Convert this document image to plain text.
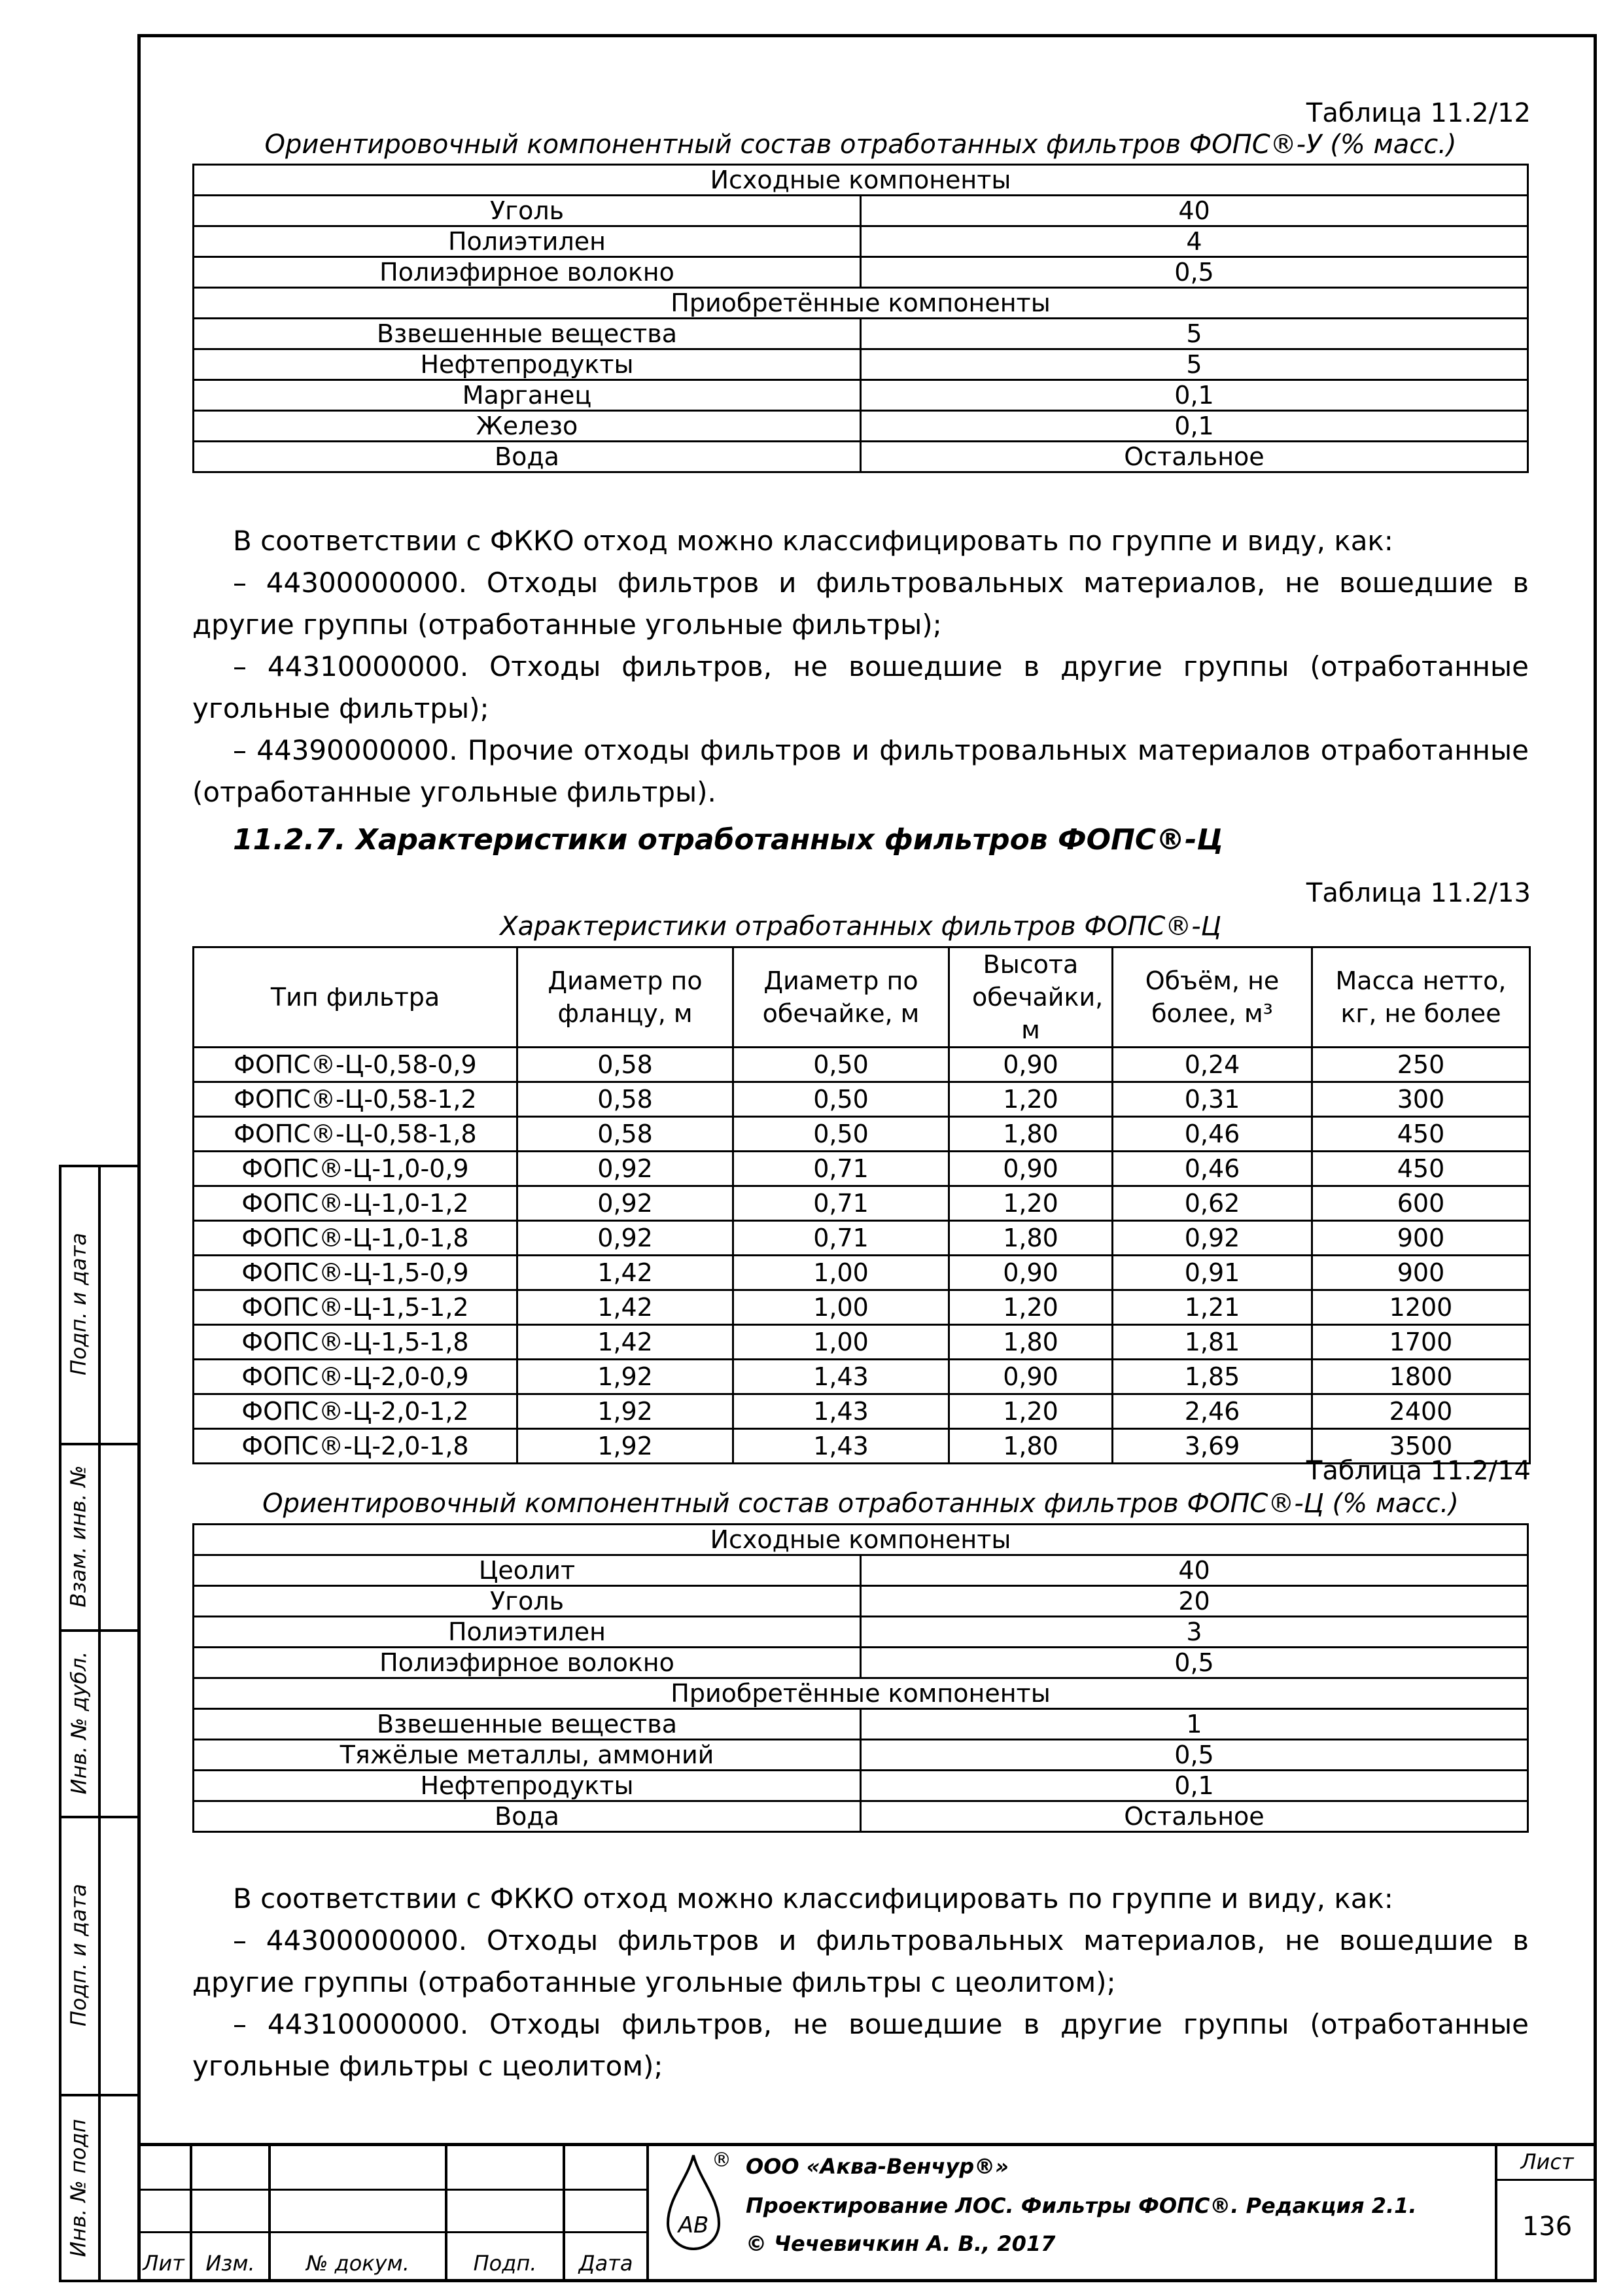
Таблица 11.2/12
Ориентировочный компонентный состав отработанных фильтров ФОПС®-У (% масс.)
Исходные компоненты	
Уголь	40
Полиэтилен	4
Полиэфирное волокно	0,5
Приобретённые компоненты	
Взвешенные вещества	5
Нефтепродукты	5
Марганец	0,1
Железо	0,1
Вода	Остальное

В соответствии с ФККО отход можно классифицировать по группе и виду, как:

– 44300000000. Отходы фильтров и фильтровальных материалов, не вошедшие в другие группы (отработанные угольные фильтры);

– 44310000000. Отходы фильтров, не вошедшие в другие группы (отработанные угольные фильтры);

– 44390000000. Прочие отходы фильтров и фильтровальных материалов отработанные (отработанные угольные фильтры).

11.2.7. Характеристики отработанных фильтров ФОПС®-Ц
Таблица 11.2/13
Характеристики отработанных фильтров ФОПС®-Ц
Тип фильтра	Диаметр по фланцу, м	Диаметр по обечайке, м	Высота обечайки, м	Объём, не более, м³	Масса нетто, кг, не более
ФОПС®-Ц-0,58-0,9	0,58	0,50	0,90	0,24	250
ФОПС®-Ц-0,58-1,2	0,58	0,50	1,20	0,31	300
ФОПС®-Ц-0,58-1,8	0,58	0,50	1,80	0,46	450
ФОПС®-Ц-1,0-0,9	0,92	0,71	0,90	0,46	450
ФОПС®-Ц-1,0-1,2	0,92	0,71	1,20	0,62	600
ФОПС®-Ц-1,0-1,8	0,92	0,71	1,80	0,92	900
ФОПС®-Ц-1,5-0,9	1,42	1,00	0,90	0,91	900
ФОПС®-Ц-1,5-1,2	1,42	1,00	1,20	1,21	1200
ФОПС®-Ц-1,5-1,8	1,42	1,00	1,80	1,81	1700
ФОПС®-Ц-2,0-0,9	1,92	1,43	0,90	1,85	1800
ФОПС®-Ц-2,0-1,2	1,92	1,43	1,20	2,46	2400
ФОПС®-Ц-2,0-1,8	1,92	1,43	1,80	3,69	3500
Таблица 11.2/14
Ориентировочный компонентный состав отработанных фильтров ФОПС®-Ц (% масс.)
Исходные компоненты	
Цеолит	40
Уголь	20
Полиэтилен	3
Полиэфирное волокно	0,5
Приобретённые компоненты	
Взвешенные вещества	1
Тяжёлые металлы, аммоний	0,5
Нефтепродукты	0,1
Вода	Остальное

В соответствии с ФККО отход можно классифицировать по группе и виду, как:

– 44300000000. Отходы фильтров и фильтровальных материалов, не вошедшие в другие группы (отработанные угольные фильтры с цеолитом);

– 44310000000. Отходы фильтров, не вошедшие в другие группы (отработанные угольные фильтры с цеолитом);

Подп. и дата
Взам. инв. №
Инв. № дубл.
Подп. и дата
Инв. № подп
Лит	Изм.	№ докум.	Подп.	Дата
АВ
® ООО «Аква-Венчур®»
Проектирование ЛОС. Фильтры ФОПС®. Редакция 2.1.
© Чечевичкин А. В., 2017
Лист
136
